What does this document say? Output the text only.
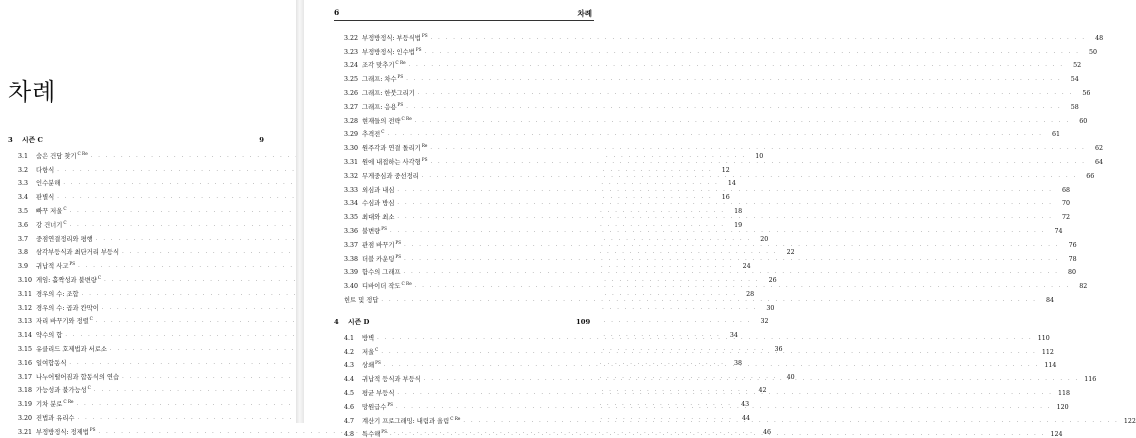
차례
3	시즌 C	9
3.1	숨은 건담 찾기$^{C Re}$ . . .	10
3.2	다항식 . . .	12
3.3	인수분해 . . .	14
3.4	판별식 . . .	16
3.5	빠꾸 저울$^C$ . . .	18
3.6	강 건너기$^C$ . . .	19
3.7	중점연결정리와 평행 . . .	20
3.8	삼각부등식과 최단거리 부등식 . . .	22
3.9	귀납적 사고$^{PS}$ . . .	24
3.10 게임: 홀짝성과 불변량$^C$ . . .	26
3.11 경우의 수: 조합 . . .	28
3.12 경우의 수: 곱과 칸막이 . . .	30
3.13 자리 바꾸기와 정렬$^C$ . . .	32
3.14 약수의 합 . . .	34
3.15 유클리드 호제법과 서로소 . . .	36
3.16 일여합동식 . . .	38
3.17 나누어떨어짐과 합동식의 연습 . . .	40
3.18 가능성과 불가능성$^C$ . . .	42
3.19 기차 분로$^{C Re}$ . . .	43
3.20 진법과 유리수 . . .	44
3.21 부정방정식: 정제법$^{PS}$ . . .	46
6	차례
3.22 부정방정식: 부등식법$^{PS}$ . . .	48
3.23 부정방정식: 인수법$^{PS}$ . . .	50
3.24 조각 맞추기$^{C Re}$ . . .	52
3.25 그래프: 차수$^{PS}$ . . .	54
3.26 그래프: 한붓그리기 . . .	56
3.27 그래프: 응용$^{PS}$ . . .	58
3.28 현재들의 전략$^{C Re}$ . . .	60
3.29 추격전$^C$ . . .	61
3.30 원주각과 연결 돌리기$^{Re}$ . . .	62
3.31 원에 내접하는 사각형$^{PS}$ . . .	64
3.32 무게중심과 중선정리 . . .	66
3.33 외심과 내심 . . .	68
3.34 수심과 방심 . . .	70
3.35 최대와 최소 . . .	72
3.36 불변량$^{PS}$ . . .	74
3.37 관점 바꾸기$^{PS}$ . . .	76
3.38 더블 카운팅$^{PS}$ . . .	78
3.39 함수의 그래프 . . .	80
3.40 디바이더 작도$^{C Re}$ . . .	82
힌트 및 정답 . . .	84
4	시즌 D	109
4.1	방벽 . . .	110
4.2	저울$^C$ . . .	112
4.3	상쇄$^{PS}$ . . .	114
4.4	귀납적 등식과 부등식 . . .	116
4.5	평균 부등식 . . .	118
4.6	망원급수$^{PS}$ . . .	120
4.7	계산기 프로그래밍: 내림과 올림$^{C Re}$ . . .	122
4.8	특수해$^{PS}$ . . .	124
